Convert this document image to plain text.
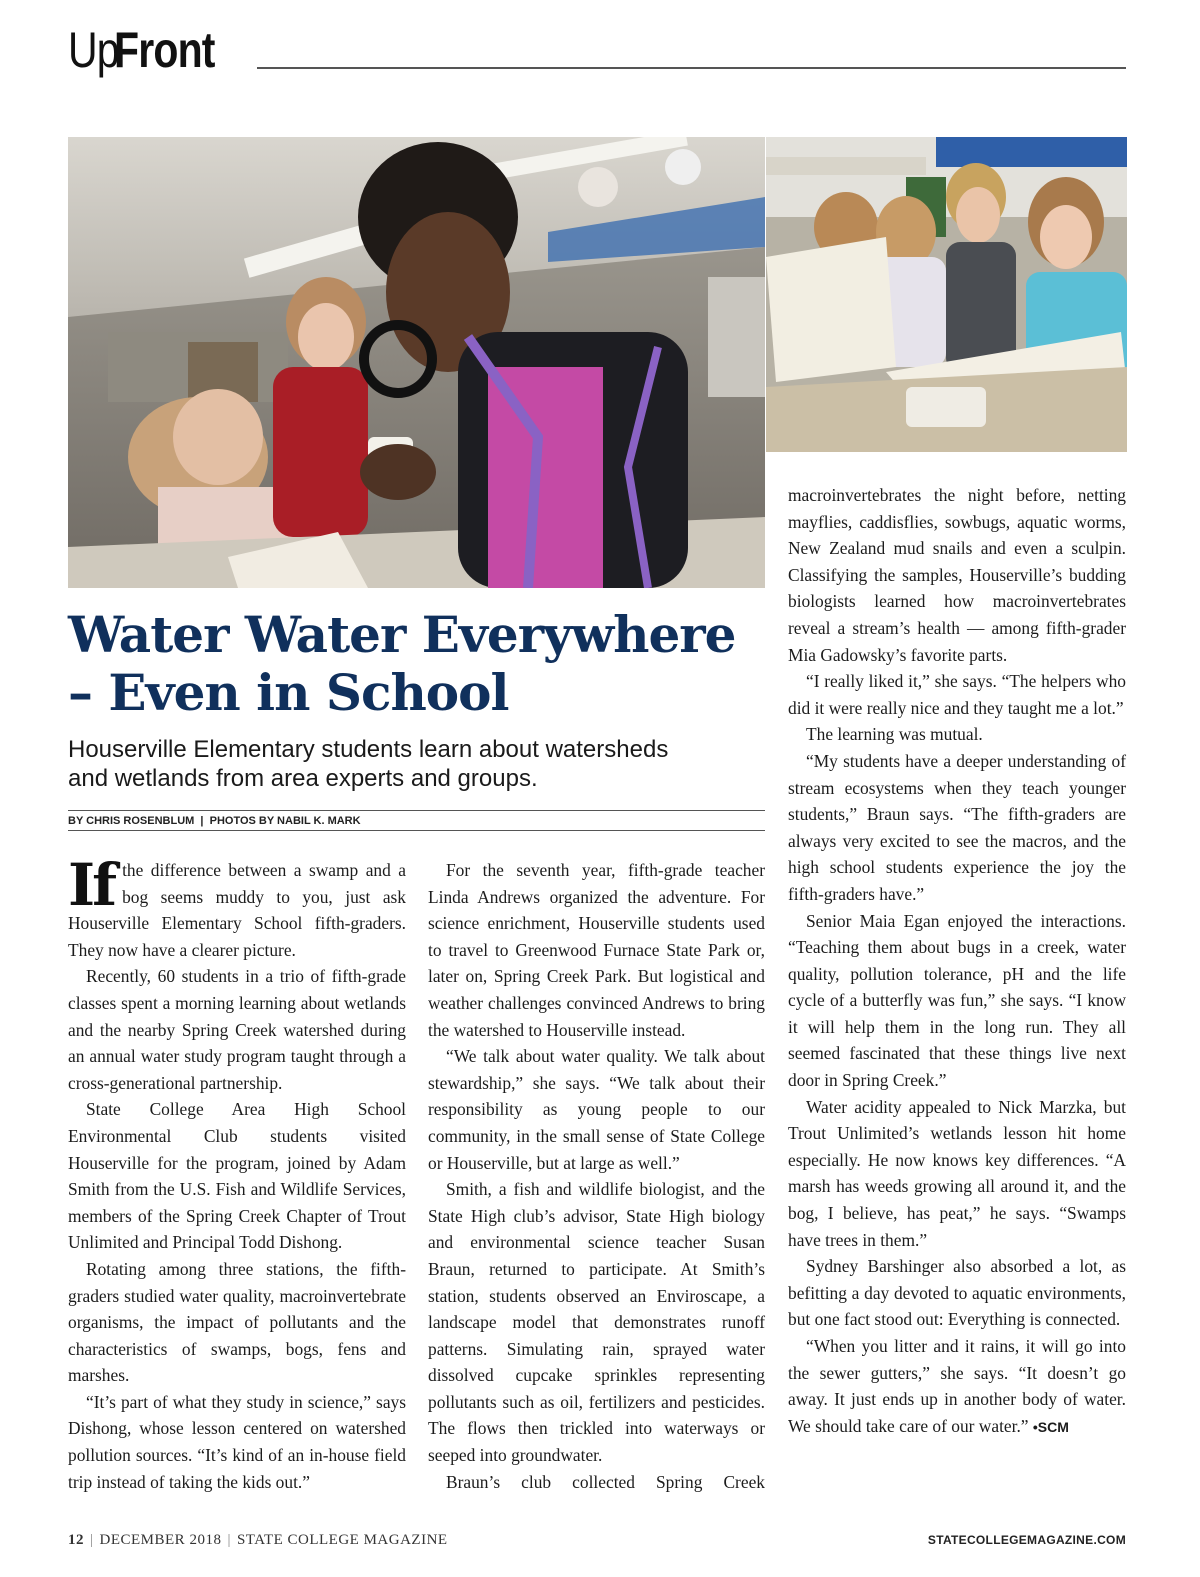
UpFront
Water Water Everywhere
– Even in School

Houserville Elementary students learn about watersheds
and wetlands from area experts and groups.

BY CHRIS ROSENBLUM  |  PHOTOS BY NABIL K. MARK

If the difference between a swamp and a bog seems muddy to you, just ask Houserville Elementary School fifth-graders. They now have a clearer picture.

Recently, 60 students in a trio of fifth-grade classes spent a morning learning about wetlands and the nearby Spring Creek watershed during an annual water study program taught through a cross-generational partnership.

State College Area High School Environmental Club students visited Houserville for the program, joined by Adam Smith from the U.S. Fish and Wildlife Services, members of the Spring Creek Chapter of Trout Unlimited and Principal Todd Dishong.

Rotating among three stations, the fifth-graders studied water quality, macroinvertebrate organisms, the impact of pollutants and the characteristics of swamps, bogs, fens and marshes.

“It’s part of what they study in science,” says Dishong, whose lesson centered on watershed pollution sources. “It’s kind of an in-house field trip instead of taking the kids out.”

For the seventh year, fifth-grade teacher Linda Andrews organized the adventure. For science enrichment, Houserville students used to travel to Greenwood Furnace State Park or, later on, Spring Creek Park. But logistical and weather challenges convinced Andrews to bring the watershed to Houserville instead.

“We talk about water quality. We talk about stewardship,” she says. “We talk about their responsibility as young people to our community, in the small sense of State College or Houserville, but at large as well.”

Smith, a fish and wildlife biologist, and the State High club’s advisor, State High biology and environmental science teacher Susan Braun, returned to participate. At Smith’s station, students observed an Enviroscape, a landscape model that demonstrates runoff patterns. Simulating rain, sprayed water dissolved cupcake sprinkles representing pollutants such as oil, fertilizers and pesticides. The flows then trickled into waterways or seeped into groundwater.

Braun’s club collected Spring Creek

macroinvertebrates the night before, netting mayflies, caddisflies, sowbugs, aquatic worms, New Zealand mud snails and even a sculpin. Classifying the samples, Houserville’s budding biologists learned how macroinvertebrates reveal a stream’s health — among fifth-grader Mia Gadowsky’s favorite parts.

“I really liked it,” she says. “The helpers who did it were really nice and they taught me a lot.”

The learning was mutual.

“My students have a deeper understanding of stream ecosystems when they teach younger students,” Braun says. “The fifth-graders are always very excited to see the macros, and the high school students experience the joy the fifth-graders have.”

Senior Maia Egan enjoyed the interactions. “Teaching them about bugs in a creek, water quality, pollution tolerance, pH and the life cycle of a butterfly was fun,” she says. “I know it will help them in the long run. They all seemed fascinated that these things live next door in Spring Creek.”

Water acidity appealed to Nick Marzka, but Trout Unlimited’s wetlands lesson hit home especially. He now knows key differences. “A marsh has weeds growing all around it, and the bog, I believe, has peat,” he says. “Swamps have trees in them.”

Sydney Barshinger also absorbed a lot, as befitting a day devoted to aquatic environments, but one fact stood out: Everything is connected.

“When you litter and it rains, it will go into the sewer gutters,” she says. “It doesn’t go away. It just ends up in another body of water. We should take care of our water.” •SCM

12 | DECEMBER 2018 | STATE COLLEGE MAGAZINE	STATECOLLEGEMAGAZINE.COM
